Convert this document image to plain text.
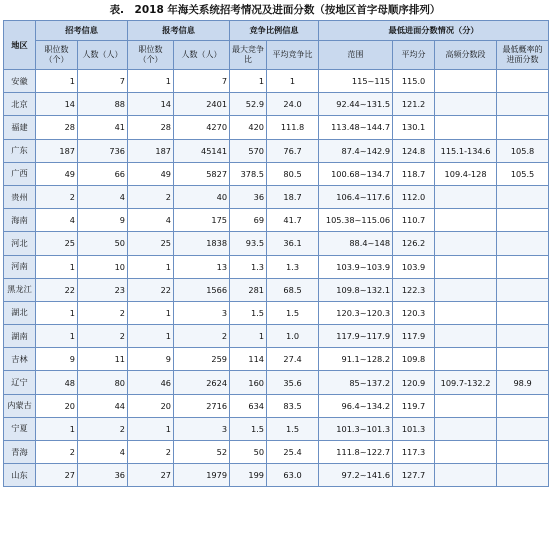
表.　2018 年海关系统招考情况及进面分数（按地区首字母顺序排列）
地区	招考信息		报考信息		竞争比例信息		最低进面分数情况（分）			
	职位数（个）	人数（人）	职位数（个）	人数（人）	最大竞争比	平均竞争比	范围	平均分	高频分数段	最低概率的进面分数
安徽	1	7	1	7	1	1	115~115	115.0		
北京	14	88	14	2401	52.9	24.0	92.44~131.5	121.2		
福建	28	41	28	4270	420	111.8	113.48~144.7	130.1		
广东	187	736	187	45141	570	76.7	87.4~142.9	124.8	115.1-134.6	105.8
广西	49	66	49	5827	378.5	80.5	100.68~134.7	118.7	109.4-128	105.5
贵州	2	4	2	40	36	18.7	106.4~117.6	112.0		
海南	4	9	4	175	69	41.7	105.38~115.06	110.7		
河北	25	50	25	1838	93.5	36.1	88.4~148	126.2		
河南	1	10	1	13	1.3	1.3	103.9~103.9	103.9		
黑龙江	22	23	22	1566	281	68.5	109.8~132.1	122.3		
湖北	1	2	1	3	1.5	1.5	120.3~120.3	120.3		
湖南	1	2	1	2	1	1.0	117.9~117.9	117.9		
吉林	9	11	9	259	114	27.4	91.1~128.2	109.8		
辽宁	48	80	46	2624	160	35.6	85~137.2	120.9	109.7-132.2	98.9
内蒙古	20	44	20	2716	634	83.5	96.4~134.2	119.7		
宁夏	1	2	1	3	1.5	1.5	101.3~101.3	101.3		
青海	2	4	2	52	50	25.4	111.8~122.7	117.3		
山东	27	36	27	1979	199	63.0	97.2~141.6	127.7		
